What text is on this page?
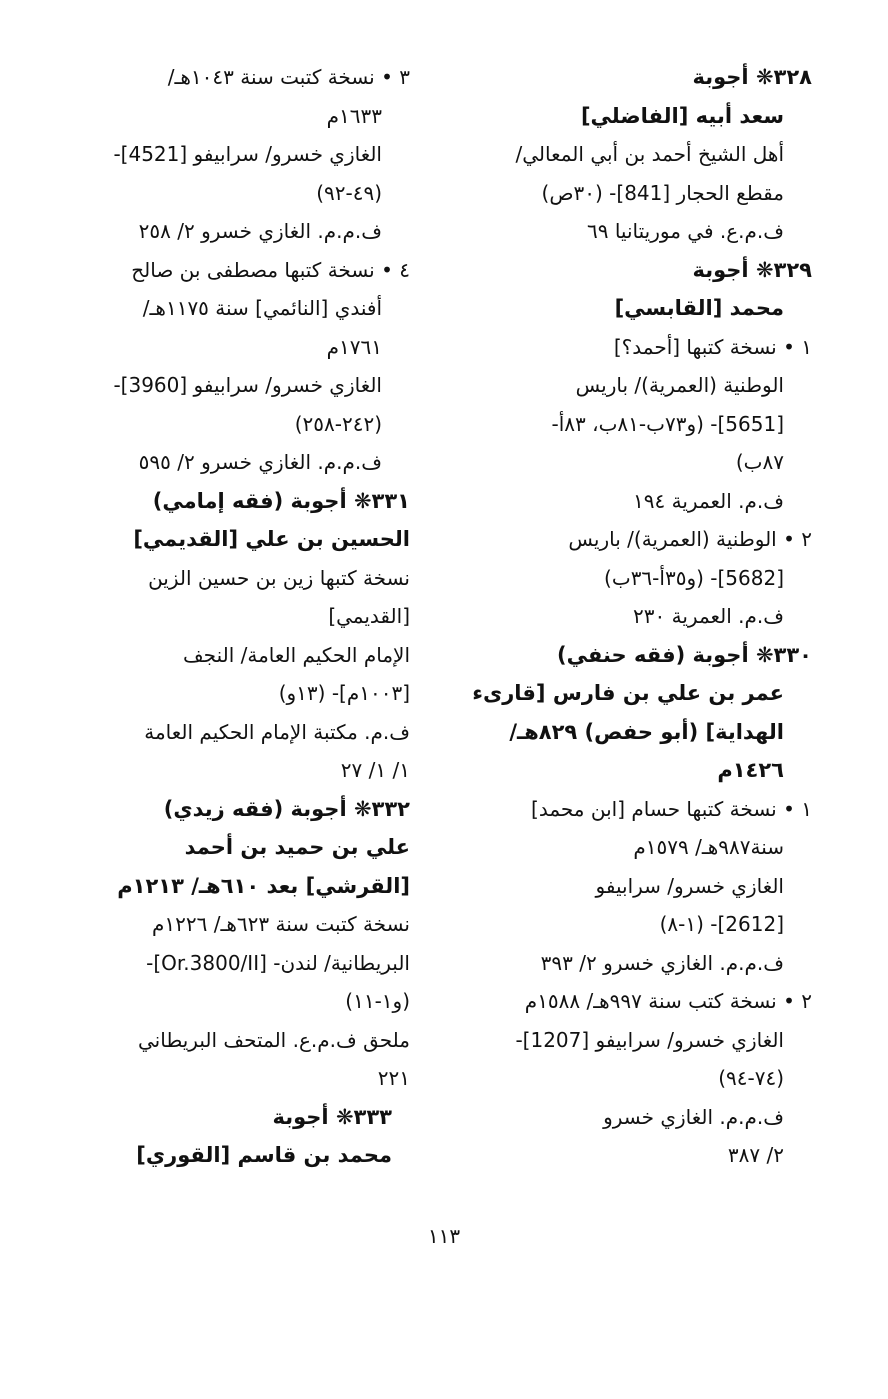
٣٢٨❋ أجوبة
سعد أبيه [الفاضلي]
أهل الشيخ أحمد بن أبي المعالي/
مقطع الحجار [841]- (٣٠ص)
ف.م.ع. في موريتانيا ٦٩
٣٢٩❋ أجوبة
محمد [القابسي]
١ • نسخة كتبها [أحمد؟]
الوطنية (العمرية)/ باريس
[5651]- (و٧٣ب-٨١ب، ٨٣أ-
٨٧ب)
ف.م. العمرية ١٩٤
٢ • الوطنية (العمرية)/ باريس
[5682]- (و٣٥أ-٣٦ب)
ف.م. العمرية ٢٣٠
٣٣٠❋ أجوبة (فقه حنفي)
عمر بن علي بن فارس [قارىء
الهداية] (أبو حفص) ٨٢٩هـ/
١٤٢٦م
١ • نسخة كتبها حسام [ابن محمد]
سنة٩٨٧هـ/ ١٥٧٩م
الغازي خسرو/ سرابيفو
[2612]- (١-٨)
ف.م.م. الغازي خسرو ٢/ ٣٩٣
٢ • نسخة كتب سنة ٩٩٧هـ/ ١٥٨٨م
الغازي خسرو/ سرابيفو [1207]-
(٧٤-٩٤)
ف.م.م. الغازي خسرو
٢/ ٣٨٧
٣ • نسخة كتبت سنة ١٠٤٣هـ/
١٦٣٣م
الغازي خسرو/ سرابيفو [4521]-
(٤٩-٩٢)
ف.م.م. الغازي خسرو ٢/ ٢٥٨
٤ • نسخة كتبها مصطفى بن صالح
أفندي [النائمي] سنة ١١٧٥هـ/
١٧٦١م
الغازي خسرو/ سرابيفو [3960]-
(٢٤٢-٢٥٨)
ف.م.م. الغازي خسرو ٢/ ٥٩٥
٣٣١❋ أجوبة (فقه إمامي)
الحسين بن علي [القديمي]
نسخة كتبها زين بن حسين الزين
[القديمي]
الإمام الحكيم العامة/ النجف
[١٠٠٣م]- (١٣و)
ف.م. مكتبة الإمام الحكيم العامة
١/ ١/ ٢٧
٣٣٢❋ أجوبة (فقه زيدي)
علي بن حميد بن أحمد
[القرشي] بعد ٦١٠هـ/ ١٢١٣م
نسخة كتبت سنة ٦٢٣هـ/ ١٢٢٦م
البريطانية/ لندن- [Or.3800/II]-
(و١-١١)
ملحق ف.م.ع. المتحف البريطاني
٢٢١
٣٣٣❋ أجوبة
محمد بن قاسم [القوري]
١١٣
